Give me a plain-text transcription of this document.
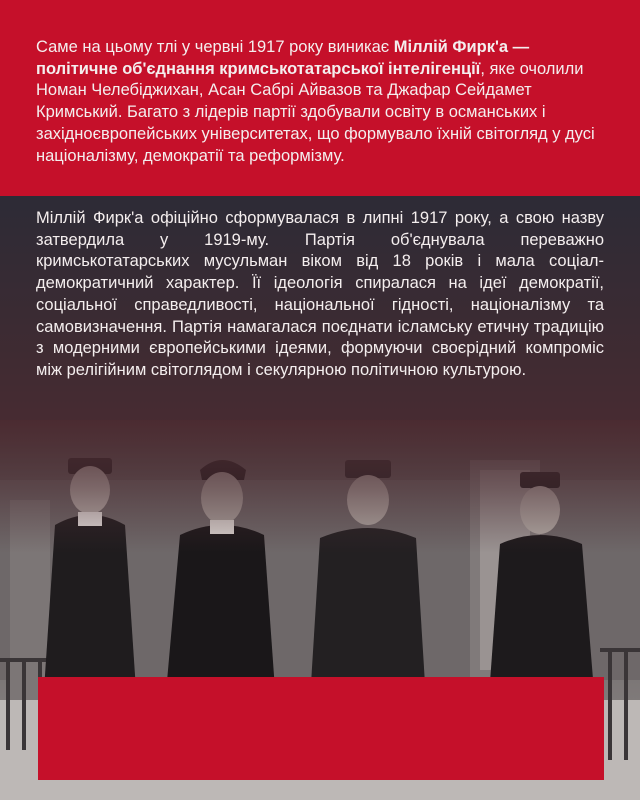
Саме на цьому тлі у червні 1917 року виникає Міллій Фирк'а — політичне об'єднання кримськотатарської інтелігенції, яке очолили Номан Челебіджихан, Асан Сабрі Айвазов та Джафар Сейдамет Кримський. Багато з лідерів партії здобували освіту в османських і західноєвропейських університетах, що формувало їхній світогляд у дусі націоналізму, демократії та реформізму.

Міллій Фирк'а офіційно сформувалася в липні 1917 року, а свою назву затвердила у 1919-му. Партія об'єднувала переважно кримськотатарських мусульман віком від 18 років і мала соціал-демократичний характер. Її ідеологія спиралася на ідеї демократії, соціальної справедливості, національної гідності, націоналізму та самовизначення. Партія намагалася поєднати ісламську етичну традицію з модерними європейськими ідеями, формуючи своєрідний компроміс між релігійним світоглядом і секулярною політичною культурою.
